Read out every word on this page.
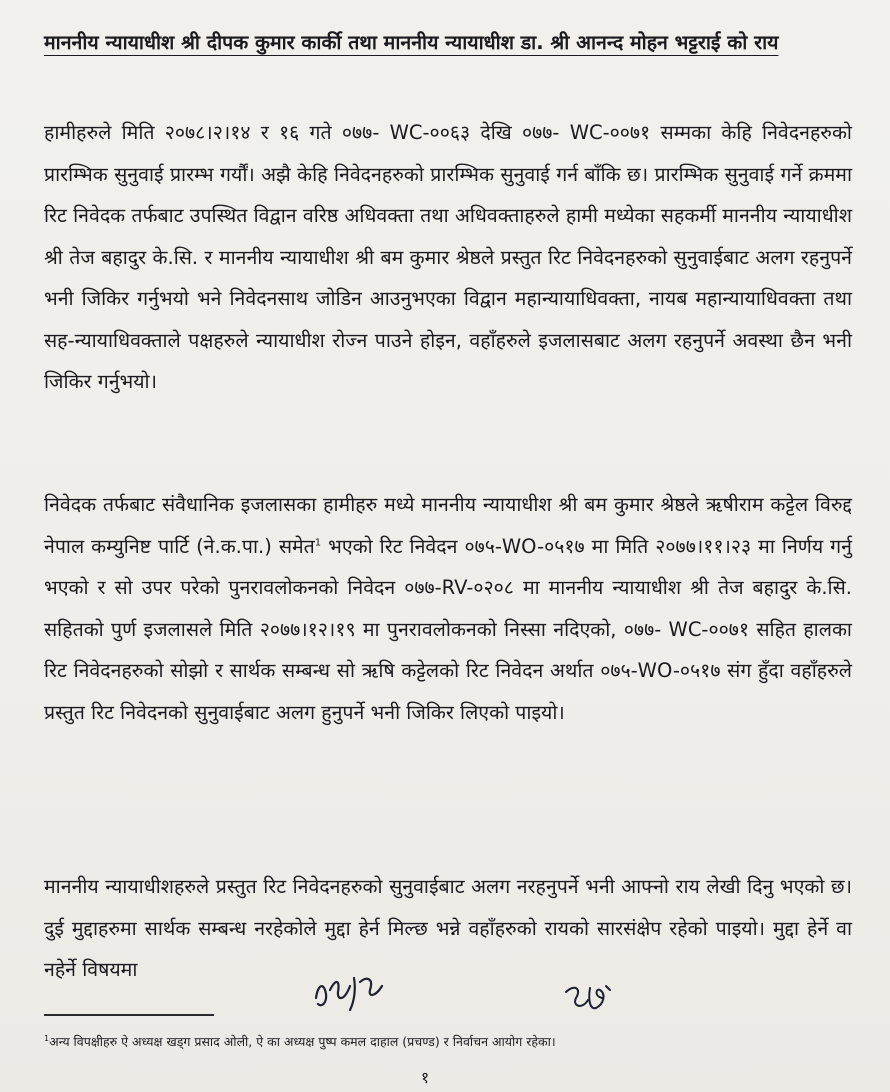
माननीय न्यायाधीश श्री दीपक कुमार कार्की तथा माननीय न्यायाधीश डा. श्री आनन्द मोहन भट्टराई को राय

हामीहरुले मिति २०७८।२।१४ र १६ गते ०७७- WC-००६३ देखि ०७७- WC-००७१ सम्मका केहि निवेदनहरुको प्रारम्भिक सुनुवाई प्रारम्भ गर्यौं। अझै केहि निवेदनहरुको प्रारम्भिक सुनुवाई गर्न बाँकि छ। प्रारम्भिक सुनुवाई गर्ने क्रममा रिट निवेदक तर्फबाट उपस्थित विद्वान वरिष्ठ अधिवक्ता तथा अधिवक्ताहरुले हामी मध्येका सहकर्मी माननीय न्यायाधीश श्री तेज बहादुर के.सि. र माननीय न्यायाधीश श्री बम कुमार श्रेष्ठले प्रस्तुत रिट निवेदनहरुको सुनुवाईबाट अलग रहनुपर्ने भनी जिकिर गर्नुभयो भने निवेदनसाथ जोडिन आउनुभएका विद्वान महान्यायाधिवक्ता, नायब महान्यायाधिवक्ता तथा सह-न्यायाधिवक्ताले पक्षहरुले न्यायाधीश रोज्न पाउने होइन, वहाँहरुले इजलासबाट अलग रहनुपर्ने अवस्था छैन भनी जिकिर गर्नुभयो।

निवेदक तर्फबाट संवैधानिक इजलासका हामीहरु मध्ये माननीय न्यायाधीश श्री बम कुमार श्रेष्ठले ऋषीराम कट्टेल विरुद्द नेपाल कम्युनिष्ट पार्टि (ने.क.पा.) समेत$^1$ भएको रिट निवेदन ०७५-WO-०५१७ मा मिति २०७७।११।२३ मा निर्णय गर्नु भएको र सो उपर परेको पुनरावलोकनको निवेदन ०७७-RV-०२०८ मा माननीय न्यायाधीश श्री तेज बहादुर के.सि. सहितको पुर्ण इजलासले मिति २०७७।१२।१९ मा पुनरावलोकनको निस्सा नदिएको, ०७७- WC-००७१ सहित हालका रिट निवेदनहरुको सोझो र सार्थक सम्बन्ध सो ऋषि कट्टेलको रिट निवेदन अर्थात ०७५-WO-०५१७ संग हुँदा वहाँहरुले प्रस्तुत रिट निवेदनको सुनुवाईबाट अलग हुनुपर्ने भनी जिकिर लिएको पाइयो।

माननीय न्यायाधीशहरुले प्रस्तुत रिट निवेदनहरुको सुनुवाईबाट अलग नरहनुपर्ने भनी आफ्नो राय लेखी दिनु भएको छ। दुई मुद्दाहरुमा सार्थक सम्बन्ध नरहेकोले मुद्दा हेर्न मिल्छ भन्ने वहाँहरुको रायको सारसंक्षेप रहेको पाइयो। मुद्दा हेर्ने वा नहेर्ने विषयमा

$^1$अन्य विपक्षीहरु ऐ अध्यक्ष खड्ग प्रसाद ओली, ऐ का अध्यक्ष पुष्प कमल दाहाल (प्रचण्ड) र निर्वाचन आयोग रहेका।

१
